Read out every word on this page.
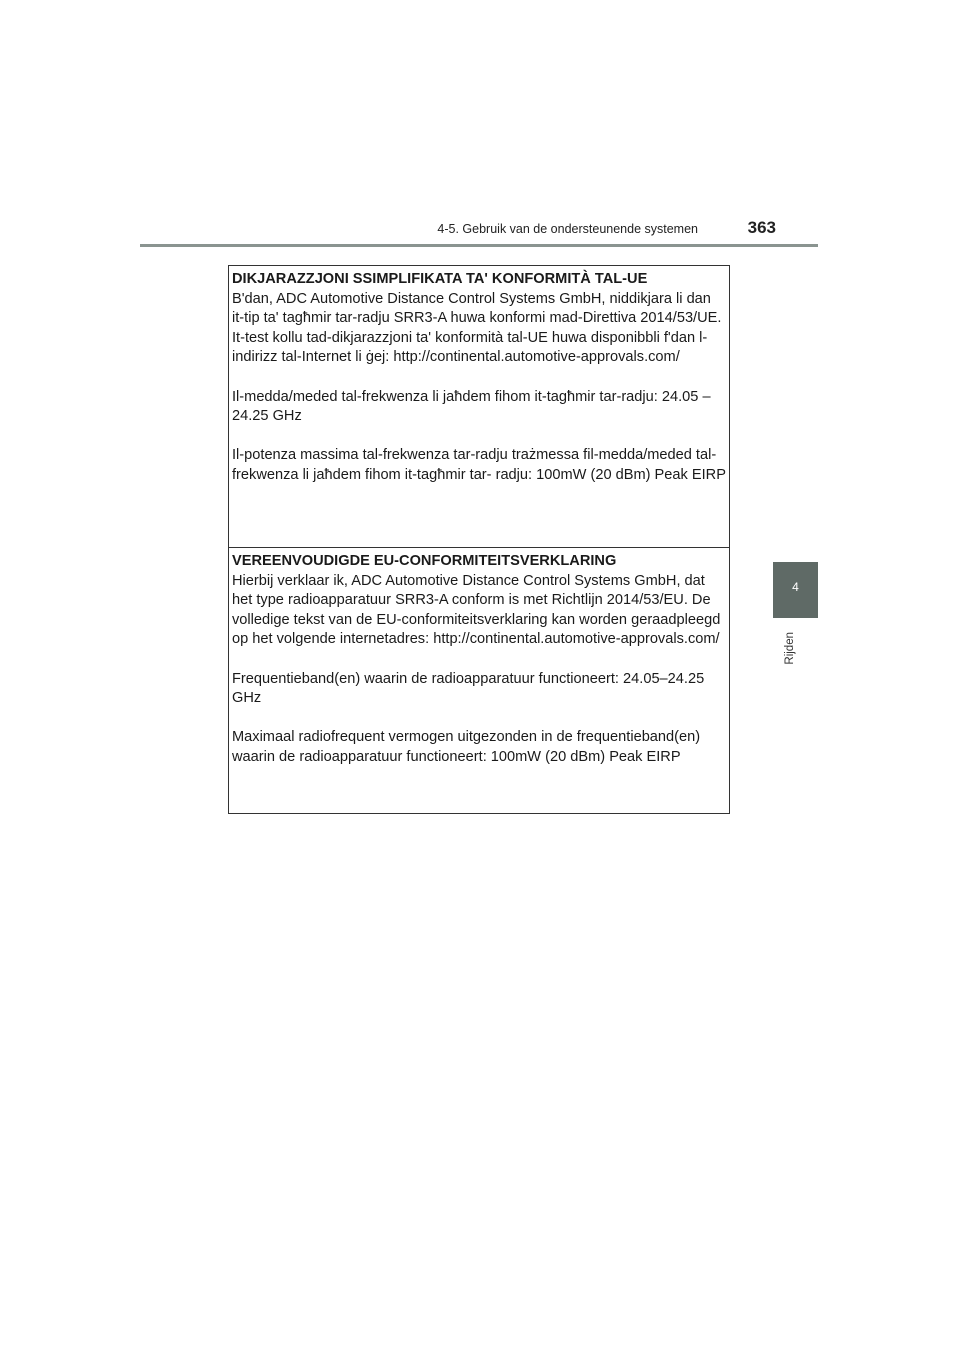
4-5. Gebruik van de ondersteunende systemen	363
4
Rijden

DIKJARAZZJONI SSIMPLIFIKATA TA' KONFORMITÀ TAL-UE

B'dan, ADC Automotive Distance Control Systems GmbH, niddikjara li dan it-tip ta' tagħmir tar-radju SRR3-A huwa konformi mad-Direttiva 2014/53/UE. It-test kollu tad-dikjarazzjoni ta' konformità tal-UE huwa disponibbli f'dan l-indirizz tal-Internet li ġej: http://continental.automotive-approvals.com/

Il-medda/meded tal-frekwenza li jaħdem fihom it-tagħmir tar-radju: 24.05 –24.25 GHz

Il-potenza massima tal-frekwenza tar-radju trażmessa fil-medda/meded tal-frekwenza li jaħdem fihom it-tagħmir tar- radju: 100mW (20 dBm) Peak EIRP

VEREENVOUDIGDE EU-CONFORMITEITSVERKLARING

Hierbij verklaar ik, ADC Automotive Distance Control Systems GmbH, dat het type radioapparatuur SRR3-A conform is met Richtlijn 2014/53/EU. De volledige tekst van de EU-conformiteitsverklaring kan worden geraadpleegd op het volgende internetadres: http://continental.automotive-approvals.com/

Frequentieband(en) waarin de radioapparatuur functioneert: 24.05–24.25 GHz

Maximaal radiofrequent vermogen uitgezonden in de frequentieband(en) waarin de radioapparatuur functioneert: 100mW (20 dBm) Peak EIRP
